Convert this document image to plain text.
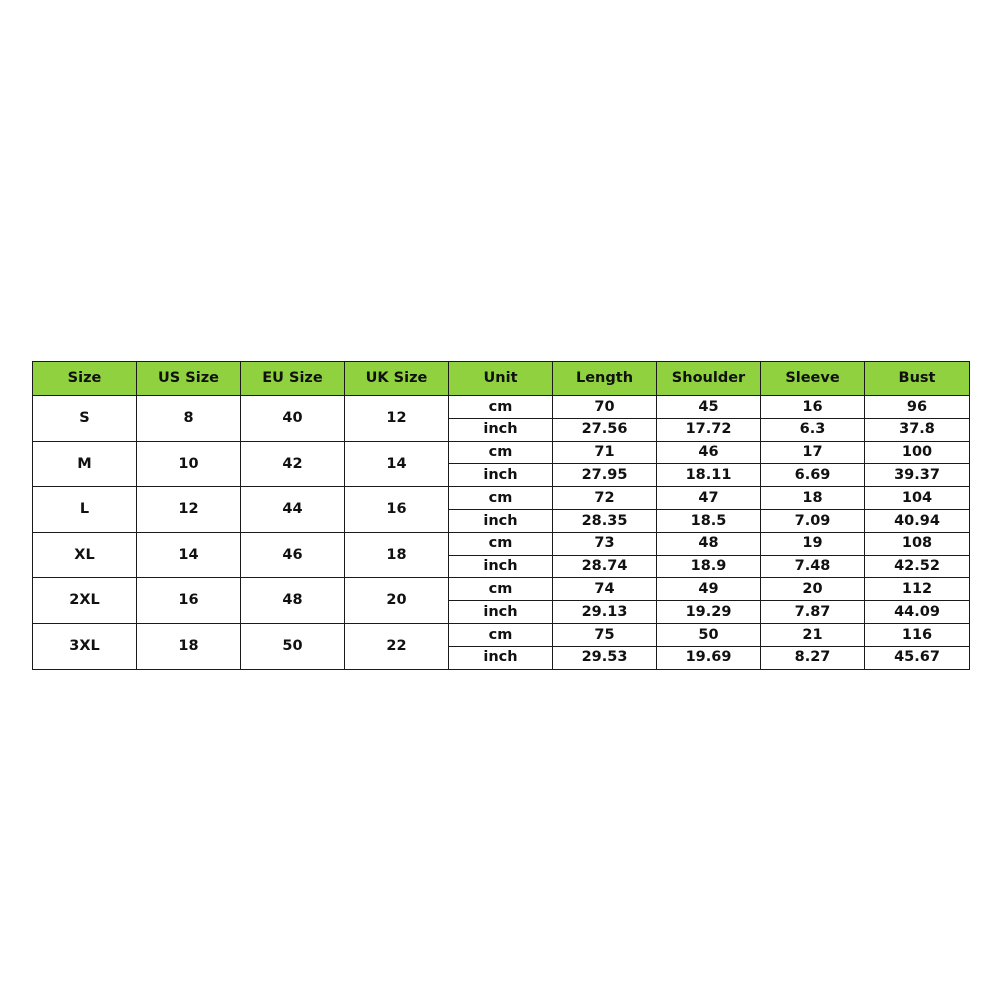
Size	US Size	EU Size	UK Size	Unit	Length	Shoulder	Sleeve	Bust
S	8	40	12	cm	70	45	16	96
				inch	27.56	17.72	6.3	37.8
M	10	42	14	cm	71	46	17	100
				inch	27.95	18.11	6.69	39.37
L	12	44	16	cm	72	47	18	104
				inch	28.35	18.5	7.09	40.94
XL	14	46	18	cm	73	48	19	108
				inch	28.74	18.9	7.48	42.52
2XL	16	48	20	cm	74	49	20	112
				inch	29.13	19.29	7.87	44.09
3XL	18	50	22	cm	75	50	21	116
				inch	29.53	19.69	8.27	45.67
